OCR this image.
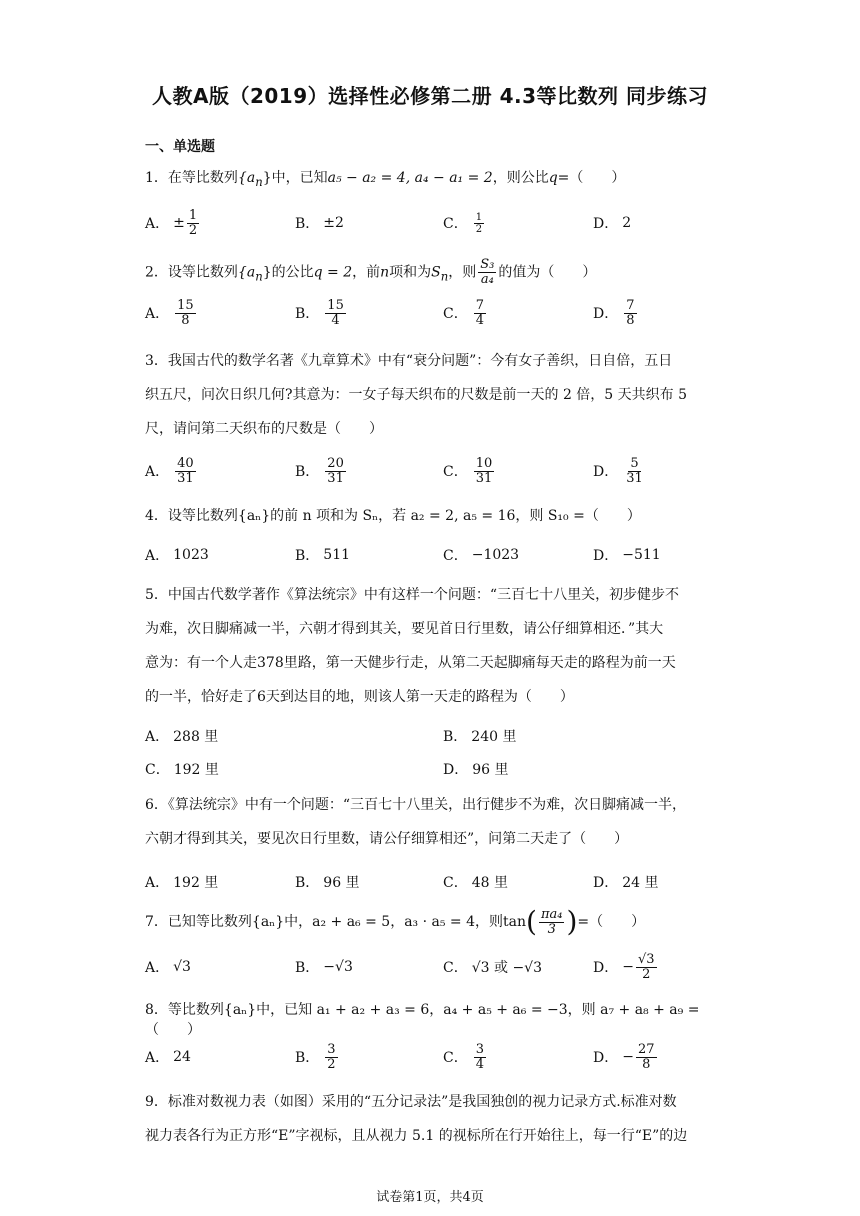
人教A版（2019）选择性必修第二册 4.3等比数列 同步练习
一、单选题
1．在等比数列$\{a_n\}$中，已知a₅ − a₂ = 4, a₄ − a₁ = 2，则公比q=（　　）
A． ± $\frac{1}{2}$	B． ±2	C． $\frac{1}{2}$	D． 2
2．设等比数列$\{a_n\}$的公比q = 2，前n项和为$S_n$，则 $\frac{\text{S₃}}{\text{a₄}}$ 的值为（　　）
A． $\frac{15}{8}$	B． $\frac{15}{4}$	C． $\frac{7}{4}$	D． $\frac{7}{8}$
3．我国古代的数学名著《九章算术》中有“衰分问题”：今有女子善织，日自倍，五日
织五尺，问次日织几何?其意为：一女子每天织布的尺数是前一天的 2 倍，5 天共织布 5
尺，请问第二天织布的尺数是（　　）
A． $\frac{40}{31}$	B． $\frac{20}{31}$	C． $\frac{10}{31}$	D． $\frac{5}{31}$
4．设等比数列{aₙ}的前 n 项和为 Sₙ，若 a₂ = 2, a₅ = 16，则 S₁₀ =（　　）
A． 1023	B． 511	C． −1023	D． −511
5．中国古代数学著作《算法统宗》中有这样一个问题：“三百七十八里关，初步健步不
为难，次日脚痛减一半，六朝才得到其关，要见首日行里数，请公仔细算相还．”其大
意为：有一个人走378里路，第一天健步行走，从第二天起脚痛每天走的路程为前一天
的一半，恰好走了6天到达目的地，则该人第一天走的路程为（　　）
A． 288 里	B． 240 里
C． 192 里	D． 96 里
6．《算法统宗》中有一个问题：“三百七十八里关，出行健步不为难，次日脚痛减一半，
六朝才得到其关，要见次日行里数，请公仔细算相还”，问第二天走了（　　）
A． 192 里	B． 96 里	C． 48 里	D． 24 里
7．已知等比数列{aₙ}中，a₂ + a₆ = 5，a₃ · a₅ = 4，则 tan ( $\frac{\text{πa₄}}{3}$ ) =（　　）
A． √3	B． −√3	C． √3 或 −√3	D． − $\frac{√3}{2}$
8．等比数列{aₙ}中，已知 a₁ + a₂ + a₃ = 6，a₄ + a₅ + a₆ = −3，则 a₇ + a₈ + a₉ =（　　）
A． 24	B． $\frac{3}{2}$	C． $\frac{3}{4}$	D． − $\frac{27}{8}$
9．标准对数视力表（如图）采用的“五分记录法”是我国独创的视力记录方式.标准对数
视力表各行为正方形“E”字视标，且从视力 5.1 的视标所在行开始往上，每一行“E”的边
试卷第1页，共4页
